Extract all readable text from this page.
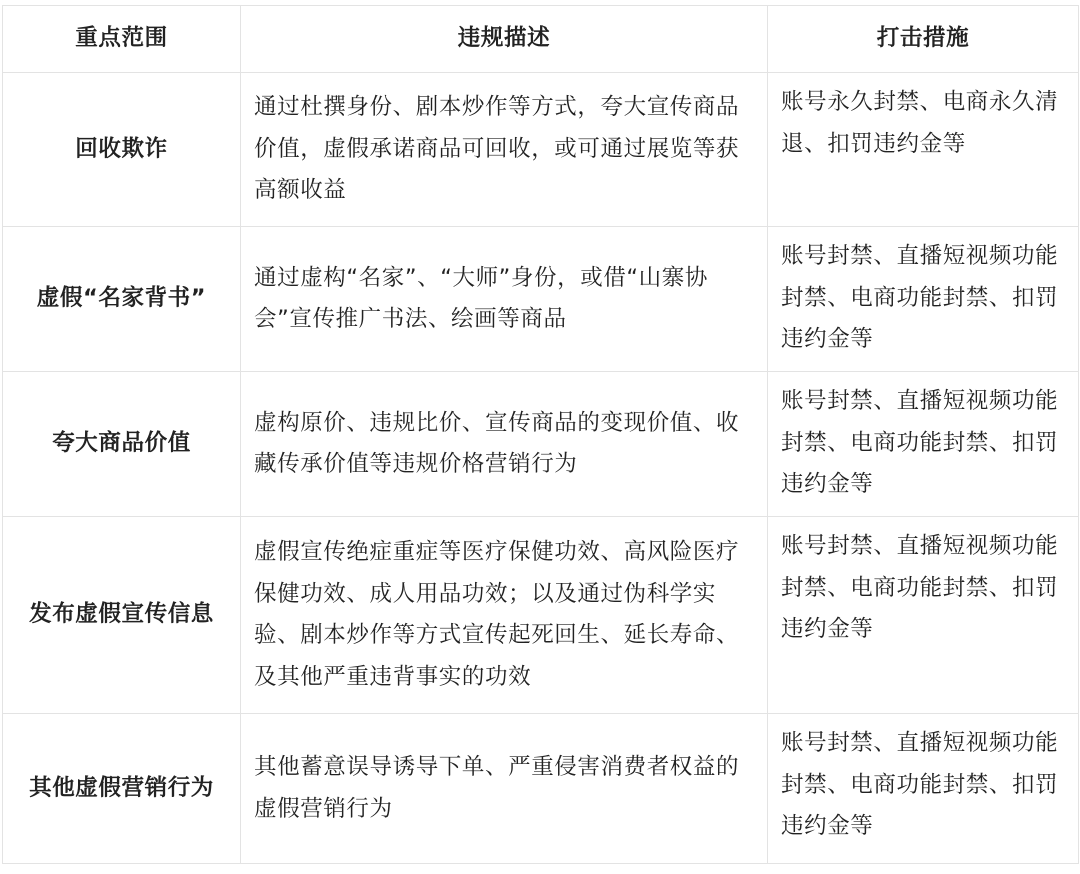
重点范围	违规描述	打击措施
回收欺诈	通过杜撰身份、剧本炒作等方式，夸大宣传商品价值，虚假承诺商品可回收，或可通过展览等获高额收益	账号永久封禁、电商永久清退、扣罚违约金等
虚假“名家背书”	通过虚构“名家”、“大师”身份，或借“山寨协会”宣传推广书法、绘画等商品	账号封禁、直播短视频功能封禁、电商功能封禁、扣罚违约金等
夸大商品价值	虚构原价、违规比价、宣传商品的变现价值、收藏传承价值等违规价格营销行为	账号封禁、直播短视频功能封禁、电商功能封禁、扣罚违约金等
发布虚假宣传信息	虚假宣传绝症重症等医疗保健功效、高风险医疗保健功效、成人用品功效；以及通过伪科学实验、剧本炒作等方式宣传起死回生、延长寿命、及其他严重违背事实的功效	账号封禁、直播短视频功能封禁、电商功能封禁、扣罚违约金等
其他虚假营销行为	其他蓄意误导诱导下单、严重侵害消费者权益的虚假营销行为	账号封禁、直播短视频功能封禁、电商功能封禁、扣罚违约金等
